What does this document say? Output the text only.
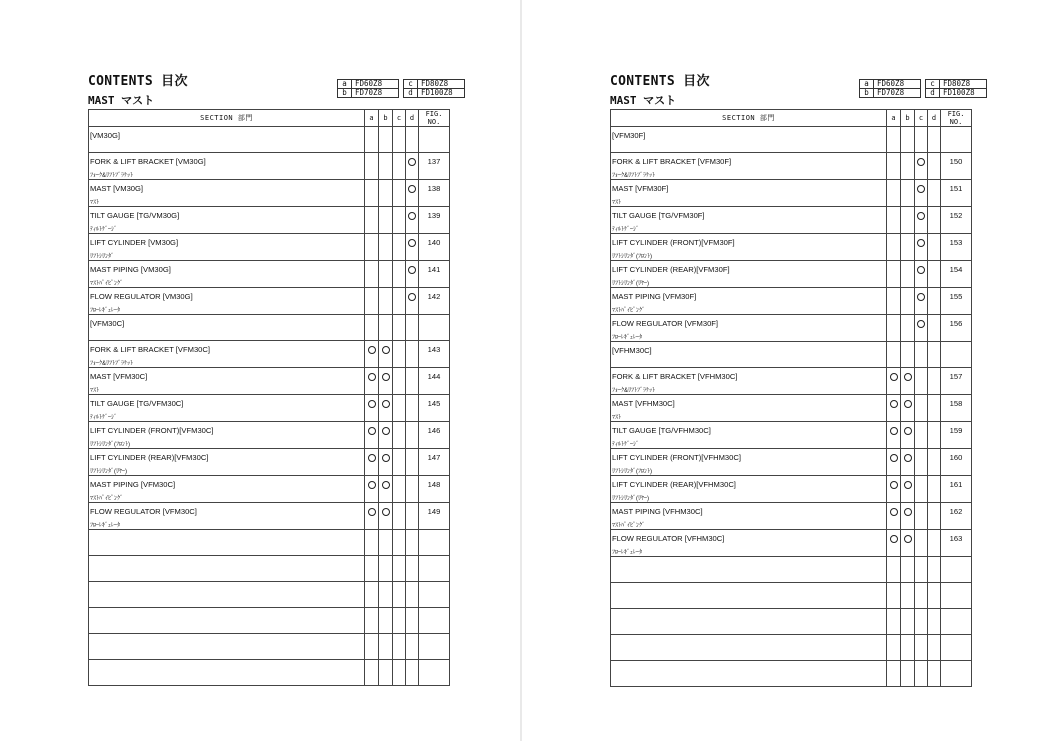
CONTENTS 目次
MAST マスト
a	FD60Z8		c	FD80Z8
b	FD70Z8		d	FD100Z8
SECTION 部門	a	b	c	d	FIG. NO.

[VM30G]					

FORK & LIFT BRACKET [VM30G]
ﾌｫｰｸ&ﾘﾌﾄﾌﾞﾗｹｯﾄ					137

MAST [VM30G]
ﾏｽﾄ					138

TILT GAUGE [TG/VM30G]
ﾃｨﾙﾄｹﾞｰｼﾞ					139

LIFT CYLINDER [VM30G]
ﾘﾌﾄｼﾘﾝﾀﾞ					140

MAST PIPING [VM30G]
ﾏｽﾄﾊﾟｲﾋﾟﾝｸﾞ					141

FLOW REGULATOR [VM30G]
ﾌﾛｰﾚｷﾞｭﾚｰﾀ					142

[VFM30C]					

FORK & LIFT BRACKET [VFM30C]
ﾌｫｰｸ&ﾘﾌﾄﾌﾞﾗｹｯﾄ					143

MAST [VFM30C]
ﾏｽﾄ					144

TILT GAUGE [TG/VFM30C]
ﾃｨﾙﾄｹﾞｰｼﾞ					145

LIFT CYLINDER (FRONT)[VFM30C]
ﾘﾌﾄｼﾘﾝﾀﾞ(ﾌﾛﾝﾄ)					146

LIFT CYLINDER (REAR)[VFM30C]
ﾘﾌﾄｼﾘﾝﾀﾞ(ﾘﾔｰ)					147

MAST PIPING [VFM30C]
ﾏｽﾄﾊﾟｲﾋﾟﾝｸﾞ					148

FLOW REGULATOR [VFM30C]
ﾌﾛｰﾚｷﾞｭﾚｰﾀ					149

CONTENTS 目次
MAST マスト
a	FD60Z8		c	FD80Z8
b	FD70Z8		d	FD100Z8
SECTION 部門	a	b	c	d	FIG. NO.

[VFM30F]					

FORK & LIFT BRACKET [VFM30F]
ﾌｫｰｸ&ﾘﾌﾄﾌﾞﾗｹｯﾄ					150

MAST [VFM30F]
ﾏｽﾄ					151

TILT GAUGE [TG/VFM30F]
ﾃｨﾙﾄｹﾞｰｼﾞ					152

LIFT CYLINDER (FRONT)[VFM30F]
ﾘﾌﾄｼﾘﾝﾀﾞ(ﾌﾛﾝﾄ)					153

LIFT CYLINDER (REAR)[VFM30F]
ﾘﾌﾄｼﾘﾝﾀﾞ(ﾘﾔｰ)					154

MAST PIPING [VFM30F]
ﾏｽﾄﾊﾟｲﾋﾟﾝｸﾞ					155

FLOW REGULATOR [VFM30F]
ﾌﾛｰﾚｷﾞｭﾚｰﾀ					156

[VFHM30C]					

FORK & LIFT BRACKET [VFHM30C]
ﾌｫｰｸ&ﾘﾌﾄﾌﾞﾗｹｯﾄ					157

MAST [VFHM30C]
ﾏｽﾄ					158

TILT GAUGE [TG/VFHM30C]
ﾃｨﾙﾄｹﾞｰｼﾞ					159

LIFT CYLINDER (FRONT)[VFHM30C]
ﾘﾌﾄｼﾘﾝﾀﾞ(ﾌﾛﾝﾄ)					160

LIFT CYLINDER (REAR)[VFHM30C]
ﾘﾌﾄｼﾘﾝﾀﾞ(ﾘﾔｰ)					161

MAST PIPING [VFHM30C]
ﾏｽﾄﾊﾟｲﾋﾟﾝｸﾞ					162

FLOW REGULATOR [VFHM30C]
ﾌﾛｰﾚｷﾞｭﾚｰﾀ					163
